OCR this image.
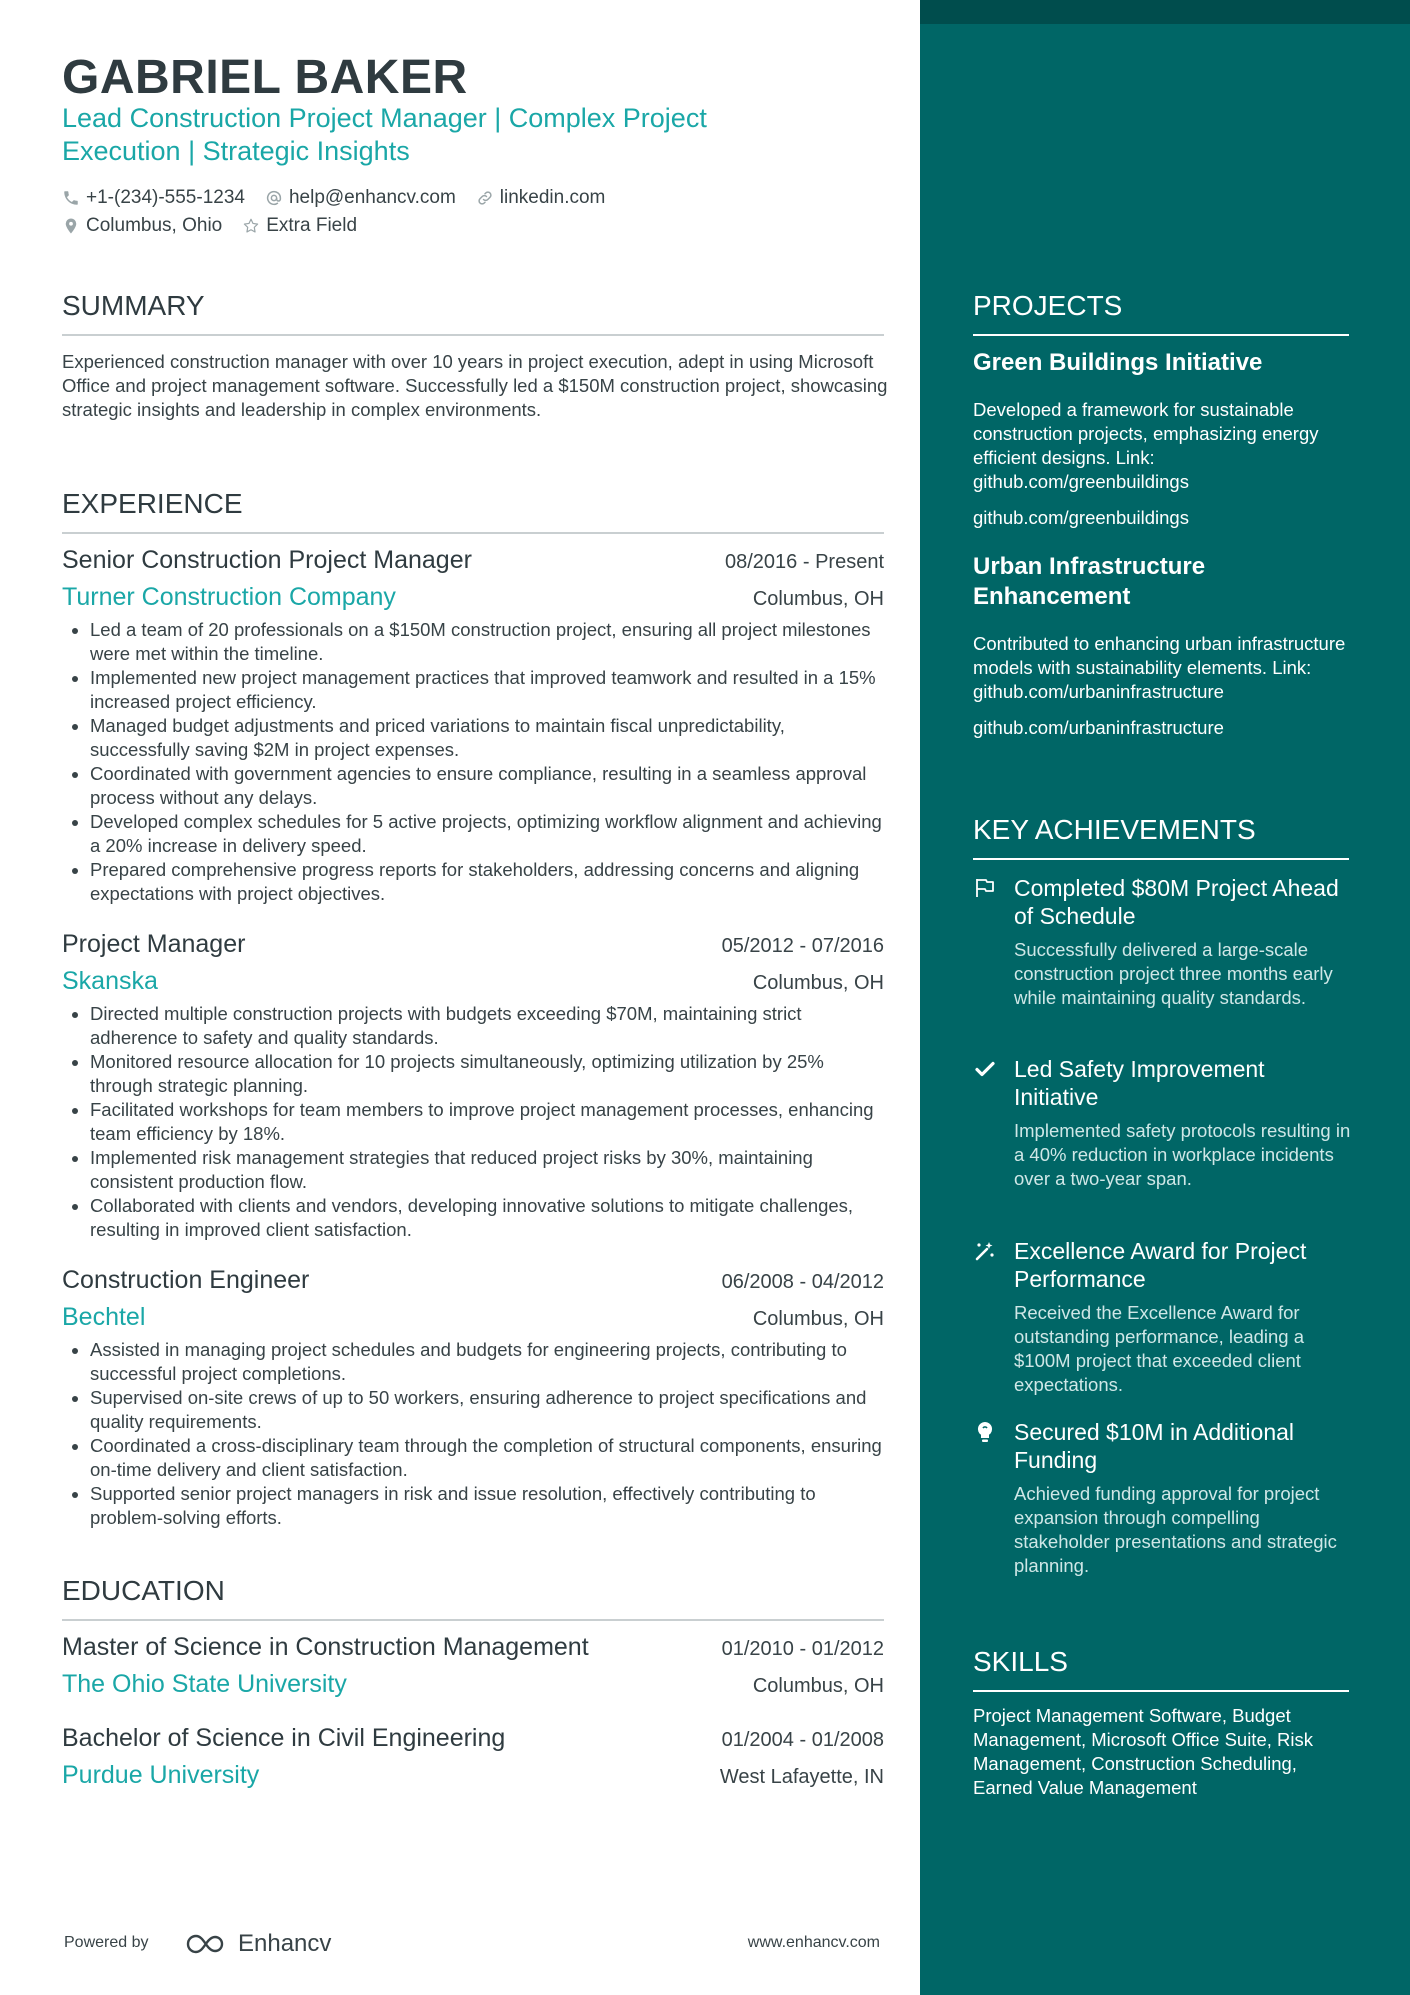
GABRIEL BAKER
Lead Construction Project Manager | Complex Project Execution | Strategic Insights
+1-(234)-555-1234 help@enhancv.com linkedin.com
Columbus, Ohio Extra Field
SUMMARY
Experienced construction manager with over 10 years in project execution, adept in using Microsoft Office and project management software. Successfully led a $150M construction project, showcasing strategic insights and leadership in complex environments.
EXPERIENCE
Senior Construction Project Manager	08/2016 - Present
Turner Construction Company	Columbus, OH
• Led a team of 20 professionals on a $150M construction project, ensuring all project milestones were met within the timeline.
• Implemented new project management practices that improved teamwork and resulted in a 15% increased project efficiency.
• Managed budget adjustments and priced variations to maintain fiscal unpredictability, successfully saving $2M in project expenses.
• Coordinated with government agencies to ensure compliance, resulting in a seamless approval process without any delays.
• Developed complex schedules for 5 active projects, optimizing workflow alignment and achieving a 20% increase in delivery speed.
• Prepared comprehensive progress reports for stakeholders, addressing concerns and aligning expectations with project objectives.
Project Manager	05/2012 - 07/2016
Skanska	Columbus, OH
• Directed multiple construction projects with budgets exceeding $70M, maintaining strict adherence to safety and quality standards.
• Monitored resource allocation for 10 projects simultaneously, optimizing utilization by 25% through strategic planning.
• Facilitated workshops for team members to improve project management processes, enhancing team efficiency by 18%.
• Implemented risk management strategies that reduced project risks by 30%, maintaining consistent production flow.
• Collaborated with clients and vendors, developing innovative solutions to mitigate challenges, resulting in improved client satisfaction.
Construction Engineer	06/2008 - 04/2012
Bechtel	Columbus, OH
• Assisted in managing project schedules and budgets for engineering projects, contributing to successful project completions.
• Supervised on-site crews of up to 50 workers, ensuring adherence to project specifications and quality requirements.
• Coordinated a cross-disciplinary team through the completion of structural components, ensuring on-time delivery and client satisfaction.
• Supported senior project managers in risk and issue resolution, effectively contributing to problem-solving efforts.
EDUCATION
Master of Science in Construction Management	01/2010 - 01/2012
The Ohio State University	Columbus, OH
Bachelor of Science in Civil Engineering	01/2004 - 01/2008
Purdue University	West Lafayette, IN
Powered by	Enhancv	www.enhancv.com
PROJECTS
Green Buildings Initiative
Developed a framework for sustainable construction projects, emphasizing energy efficient designs. Link: github.com/greenbuildings
github.com/greenbuildings
Urban Infrastructure Enhancement
Contributed to enhancing urban infrastructure models with sustainability elements. Link: github.com/urbaninfrastructure
github.com/urbaninfrastructure
KEY ACHIEVEMENTS
Completed $80M Project Ahead of Schedule
Successfully delivered a large-scale construction project three months early while maintaining quality standards.
Led Safety Improvement Initiative
Implemented safety protocols resulting in a 40% reduction in workplace incidents over a two-year span.
Excellence Award for Project Performance
Received the Excellence Award for outstanding performance, leading a $100M project that exceeded client expectations.
Secured $10M in Additional Funding
Achieved funding approval for project expansion through compelling stakeholder presentations and strategic planning.
SKILLS
Project Management Software, Budget Management, Microsoft Office Suite, Risk Management, Construction Scheduling, Earned Value Management
